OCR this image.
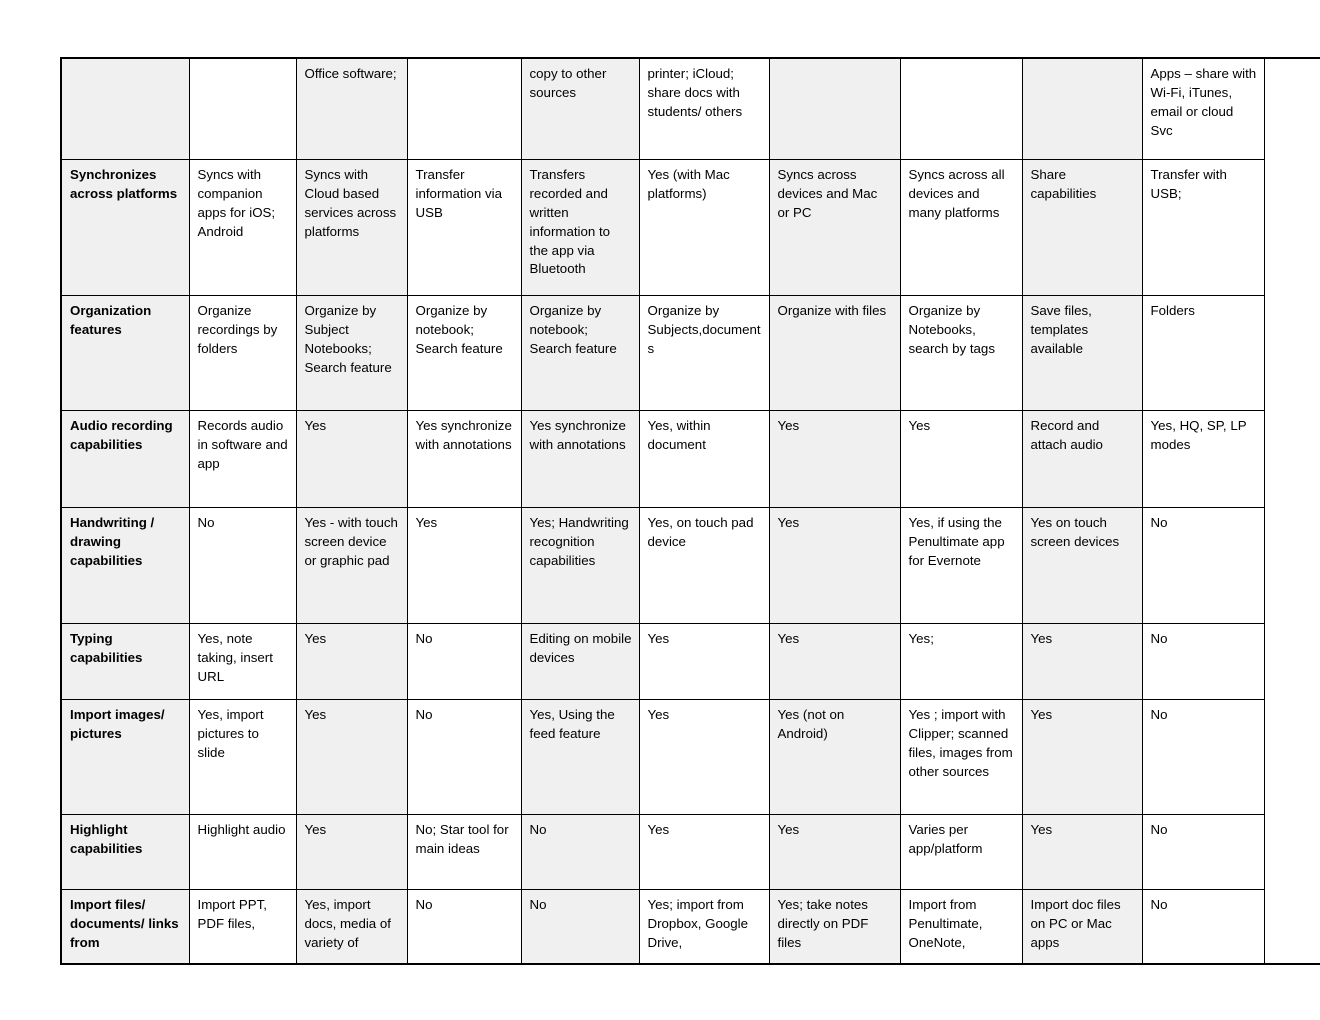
		Office software;		copy to other sources	printer; iCloud; share docs with students/ others				Apps – share with Wi-Fi, iTunes, email or cloud Svc

Synchronizes across platforms	Syncs with companion apps for iOS; Android	Syncs with Cloud based services across platforms	Transfer information via USB	Transfers recorded and written information to the app via Bluetooth	Yes (with Mac platforms)	Syncs across devices and Mac or PC	Syncs across all devices and many platforms	Share capabilities	Transfer with USB;

Organization features	Organize recordings by folders	Organize by Subject Notebooks; Search feature	Organize by notebook; Search feature	Organize by notebook; Search feature	Organize by Subjects,documents	Organize with files	Organize by Notebooks, search by tags	Save files, templates available	Folders

Audio recording capabilities	Records audio in software and app	Yes	Yes synchronize with annotations	Yes synchronize with annotations	Yes, within document	Yes	Yes	Record and attach audio	Yes, HQ, SP, LP modes

Handwriting / drawing capabilities	No	Yes - with touch screen device or graphic pad	Yes	Yes; Handwriting recognition capabilities	Yes, on touch pad device	Yes	Yes, if using the Penultimate app for Evernote	Yes on touch screen devices	No

Typing capabilities	Yes, note taking, insert URL	Yes	No	Editing on mobile devices	Yes	Yes	Yes;	Yes	No

Import images/ pictures	Yes, import pictures to slide	Yes	No	Yes, Using the feed feature	Yes	Yes (not on Android)	Yes ; import with Clipper; scanned files, images from other sources	Yes	No

Highlight capabilities	Highlight audio	Yes	No; Star tool for main ideas	No	Yes	Yes	Varies per app/platform	Yes	No

Import files/ documents/ links from	Import PPT, PDF files,	Yes, import docs, media of variety of	No	No	Yes; import from Dropbox, Google Drive,	Yes; take notes directly on PDF files	Import from Penultimate, OneNote,	Import doc files on PC or Mac apps	No
